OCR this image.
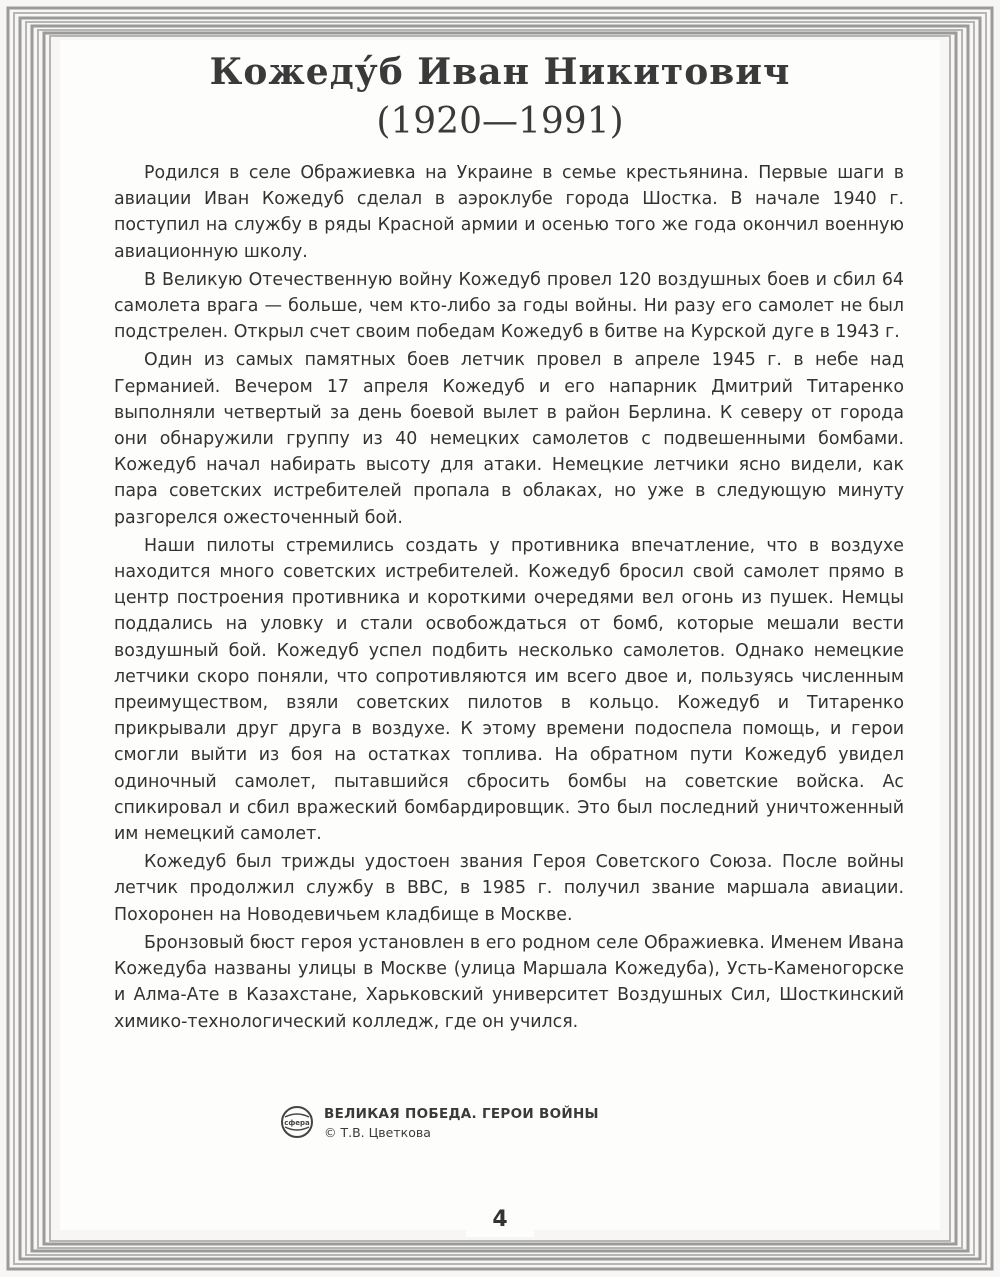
Кожеду́б Иван Никитович
(1920—1991)

Родился в селе Ображиевка на Украине в семье крестьянина. Первые шаги в авиации Иван Кожедуб сделал в аэроклубе города Шостка. В начале 1940 г. поступил на службу в ряды Красной армии и осенью того же года окончил военную авиационную школу.

В Великую Отечественную войну Кожедуб провел 120 воздушных боев и сбил 64 самолета врага — больше, чем кто-либо за годы войны. Ни разу его самолет не был подстрелен. Открыл счет своим победам Кожедуб в битве на Курской дуге в 1943 г.

Один из самых памятных боев летчик провел в апреле 1945 г. в небе над Германией. Вечером 17 апреля Кожедуб и его напарник Дмитрий Титаренко выполняли четвертый за день боевой вылет в район Берлина. К северу от города они обнаружили группу из 40 немецких самолетов с подвешенными бомбами. Кожедуб начал набирать высоту для атаки. Немецкие летчики ясно видели, как пара советских истребителей пропала в облаках, но уже в следующую минуту разгорелся ожесточенный бой.

Наши пилоты стремились создать у противника впечатление, что в воздухе находится много советских истребителей. Кожедуб бросил свой самолет прямо в центр построения противника и короткими очередями вел огонь из пушек. Немцы поддались на уловку и стали освобождаться от бомб, которые мешали вести воздушный бой. Кожедуб успел подбить несколько самолетов. Однако немецкие летчики скоро поняли, что сопротивляются им всего двое и, пользуясь численным преимуществом, взяли советских пилотов в кольцо. Кожедуб и Титаренко прикрывали друг друга в воздухе. К этому времени подоспела помощь, и герои смогли выйти из боя на остатках топлива. На обратном пути Кожедуб увидел одиночный самолет, пытавшийся сбросить бомбы на советские войска. Ас спикировал и сбил вражеский бомбардировщик. Это был последний уничтоженный им немецкий самолет.

Кожедуб был трижды удостоен звания Героя Советского Союза. После войны летчик продолжил службу в ВВС, в 1985 г. получил звание маршала авиации. Похоронен на Новодевичьем кладбище в Москве.

Бронзовый бюст героя установлен в его родном селе Ображиевка. Именем Ивана Кожедуба названы улицы в Москве (улица Маршала Кожедуба), Усть-Каменогорске и Алма-Ате в Казахстане, Харьковский университет Воздушных Сил, Шосткинский химико-технологический колледж, где он учился.

сфера
ВЕЛИКАЯ ПОБЕДА. ГЕРОИ ВОЙНЫ
© Т.В. Цветкова
4
